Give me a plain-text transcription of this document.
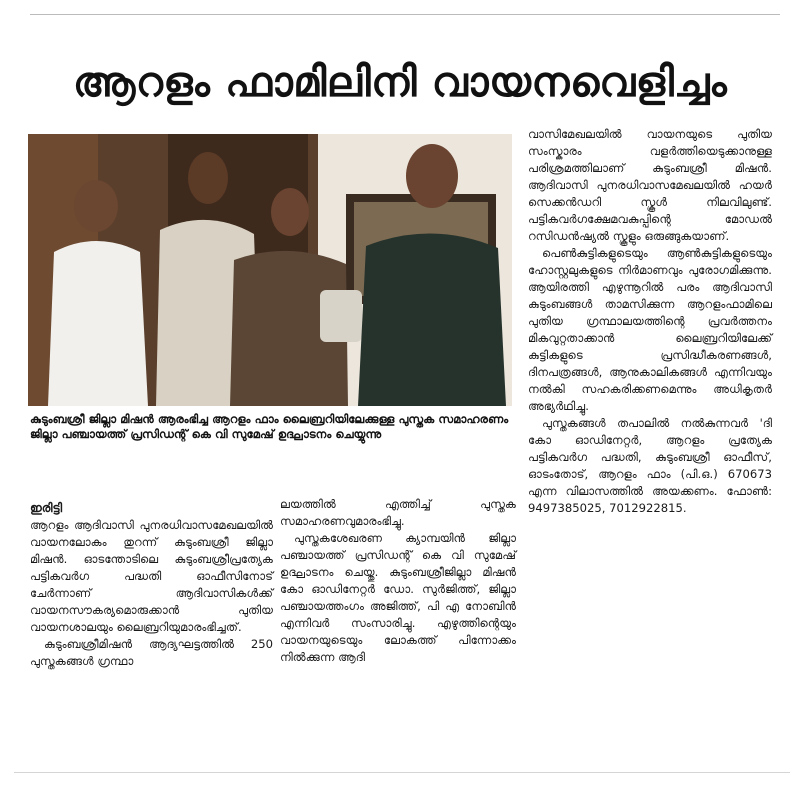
ആറളം ഫാമിലിനി വായനവെളിച്ചം
കുടുംബശ്രീ ജില്ലാ മിഷൻ ആരംഭിച്ച ആറളം ഫാം ലൈബ്രറിയിലേക്കുള്ള പുസ്തക സമാഹരണം ജില്ലാ പഞ്ചായത്ത് പ്രസിഡന്റ് കെ വി സുമേഷ് ഉദ്ഘാടനം ചെയ്യുന്നു

ഇരിട്ടി

ആറളം ആദിവാസി പുനരധിവാസമേഖലയിൽ വായനലോകം തുറന്ന് കുടുംബശ്രീ ജില്ലാ മിഷൻ. ഓടന്തോടിലെ കുടുംബശ്രീപ്രത്യേക പട്ടികവർഗ പദ്ധതി ഓഫീസിനോട് ചേർന്നാണ് ആദിവാസികൾക്ക് വായനസൗകര്യമൊരുക്കാൻ പുതിയ വായനശാലയും ലൈബ്രറിയുമാരംഭിച്ചത്.

കുടുംബശ്രീമിഷൻ ആദ്യഘട്ടത്തിൽ 250 പുസ്തകങ്ങൾ ഗ്രന്ഥാ

ലയത്തിൽ എത്തിച്ച് പുസ്തക സമാഹരണവുമാരംഭിച്ചു.

പുസ്തകശേഖരണ ക്യാമ്പയിൻ ജില്ലാ പഞ്ചായത്ത് പ്രസിഡന്റ് കെ വി സുമേഷ് ഉദ്ഘാടനം ചെയ്തു. കുടുംബശ്രീജില്ലാ മിഷൻ കോ ഓഡിനേറ്റർ ഡോ. സുർജിത്ത്, ജില്ലാ പഞ്ചായത്തംഗം അജിത്ത്, പി എ നോബിൻ എന്നിവർ സംസാരിച്ചു. എഴുത്തിന്റെയും വായനയുടെയും ലോകത്ത് പിന്നോക്കം നിൽക്കുന്ന ആദി

വാസിമേഖലയിൽ വായനയുടെ പുതിയ സംസ്കാരം വളർത്തിയെടുക്കാനുള്ള പരിശ്രമത്തിലാണ് കുടുംബശ്രീ മിഷൻ. ആദിവാസി പുനരധിവാസമേഖലയിൽ ഹയർ സെക്കൻഡറി സ്കൂൾ നിലവിലുണ്ട്. പട്ടികവർഗക്ഷേമവകുപ്പിന്റെ മോഡൽ റസിഡൻഷ്യൽ സ്കൂളും ഒരുങ്ങുകയാണ്.

പെൺകുട്ടികളുടെയും ആൺകുട്ടികളുടെയും ഹോസ്റ്റലുകളുടെ നിർമാണവും പുരോഗമിക്കുന്നു. ആയിരത്തി എഴുന്നൂറിൽ പരം ആദിവാസി കുടുംബങ്ങൾ താമസിക്കുന്ന ആറളംഫാമിലെ പുതിയ ഗ്രന്ഥാലയത്തിന്റെ പ്രവർത്തനം മികവുറ്റതാക്കാൻ ലൈബ്രറിയിലേക്ക് കുട്ടികളുടെ പ്രസിദ്ധീകരണങ്ങൾ, ദിനപത്രങ്ങൾ, ആനുകാലികങ്ങൾ എന്നിവയും നൽകി സഹകരിക്കണമെന്നും അധികൃതർ അഭ്യർഥിച്ചു.

പുസ്തകങ്ങൾ തപാലിൽ നൽകുന്നവർ 'ദി കോ ഓഡിനേറ്റർ, ആറളം പ്രത്യേക പട്ടികവർഗ പദ്ധതി, കുടുംബശ്രീ ഓഫീസ്, ഓടംതോട്, ആറളം ഫാം (പി.ഒ.) 670673 എന്ന വിലാസത്തിൽ അയക്കണം. ഫോൺ: 9497385025, 7012922815.
